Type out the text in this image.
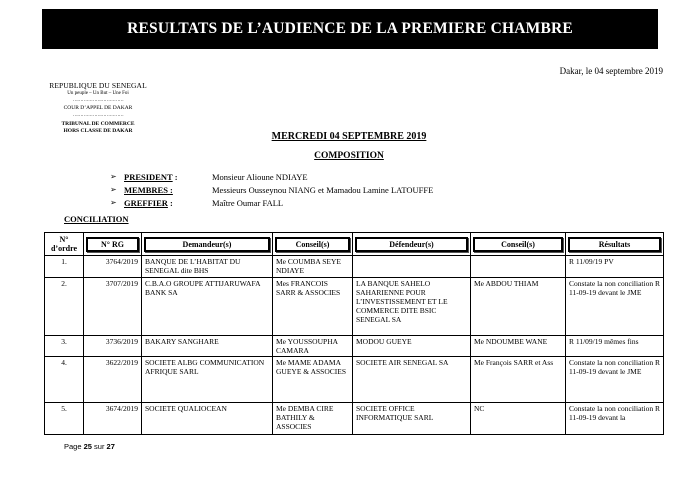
RESULTATS DE L’AUDIENCE DE LA PREMIERE CHAMBRE
Dakar, le 04 septembre 2019
REPUBLIQUE DU SENEGAL
Un peuple – Un But – Une Foi
……………………………
COUR D’APPEL DE DAKAR
……………………………
TRIBUNAL DE COMMERCE
HORS CLASSE DE DAKAR	MERCREDI 04 SEPTEMBRE 2019
COMPOSITION
➢ PRESIDENT :	Monsieur Alioune NDIAYE
➢ MEMBRES :	Messieurs Ousseynou NIANG et Mamadou Lamine LATOUFFE
➢ GREFFIER :	Maître Oumar FALL
CONCILIATION
N°
d’ordre	N° RG	Demandeur(s)	Conseil(s)	Défendeur(s)	Conseil(s)	Résultats

1.	3764/2019	BANQUE DE L’HABITAT DU SENEGAL dite BHS	Me COUMBA SEYE NDIAYE			R 11/09/19 PV
2.	3707/2019	C.B.A.O GROUPE ATTIJARUWAFA BANK SA	Mes FRANCOIS SARR & ASSOCIES	LA BANQUE SAHELO SAHARIENNE POUR L’INVESTISSEMENT ET LE COMMERCE DITE BSIC SENEGAL SA	Me ABDOU THIAM	Constate la non conciliation R 11-09-19 devant le JME
3.	3736/2019	BAKARY SANGHARE	Me YOUSSOUPHA CAMARA	MODOU GUEYE	Me NDOUMBE WANE	R 11/09/19 mêmes fins
4.	3622/2019	SOCIETE ALBG COMMUNICATION AFRIQUE SARL	Me MAME ADAMA GUEYE & ASSOCIES	SOCIETE AIR SENEGAL SA	Me François SARR et Ass	Constate la non conciliation R 11-09-19 devant le JME
5.	3674/2019	SOCIETE QUALIOCEAN	Me DEMBA CIRE BATHILY & ASSOCIES	SOCIETE OFFICE INFORMATIQUE SARL	NC	Constate la non conciliation R 11-09-19 devant la
Page 25 sur 27
